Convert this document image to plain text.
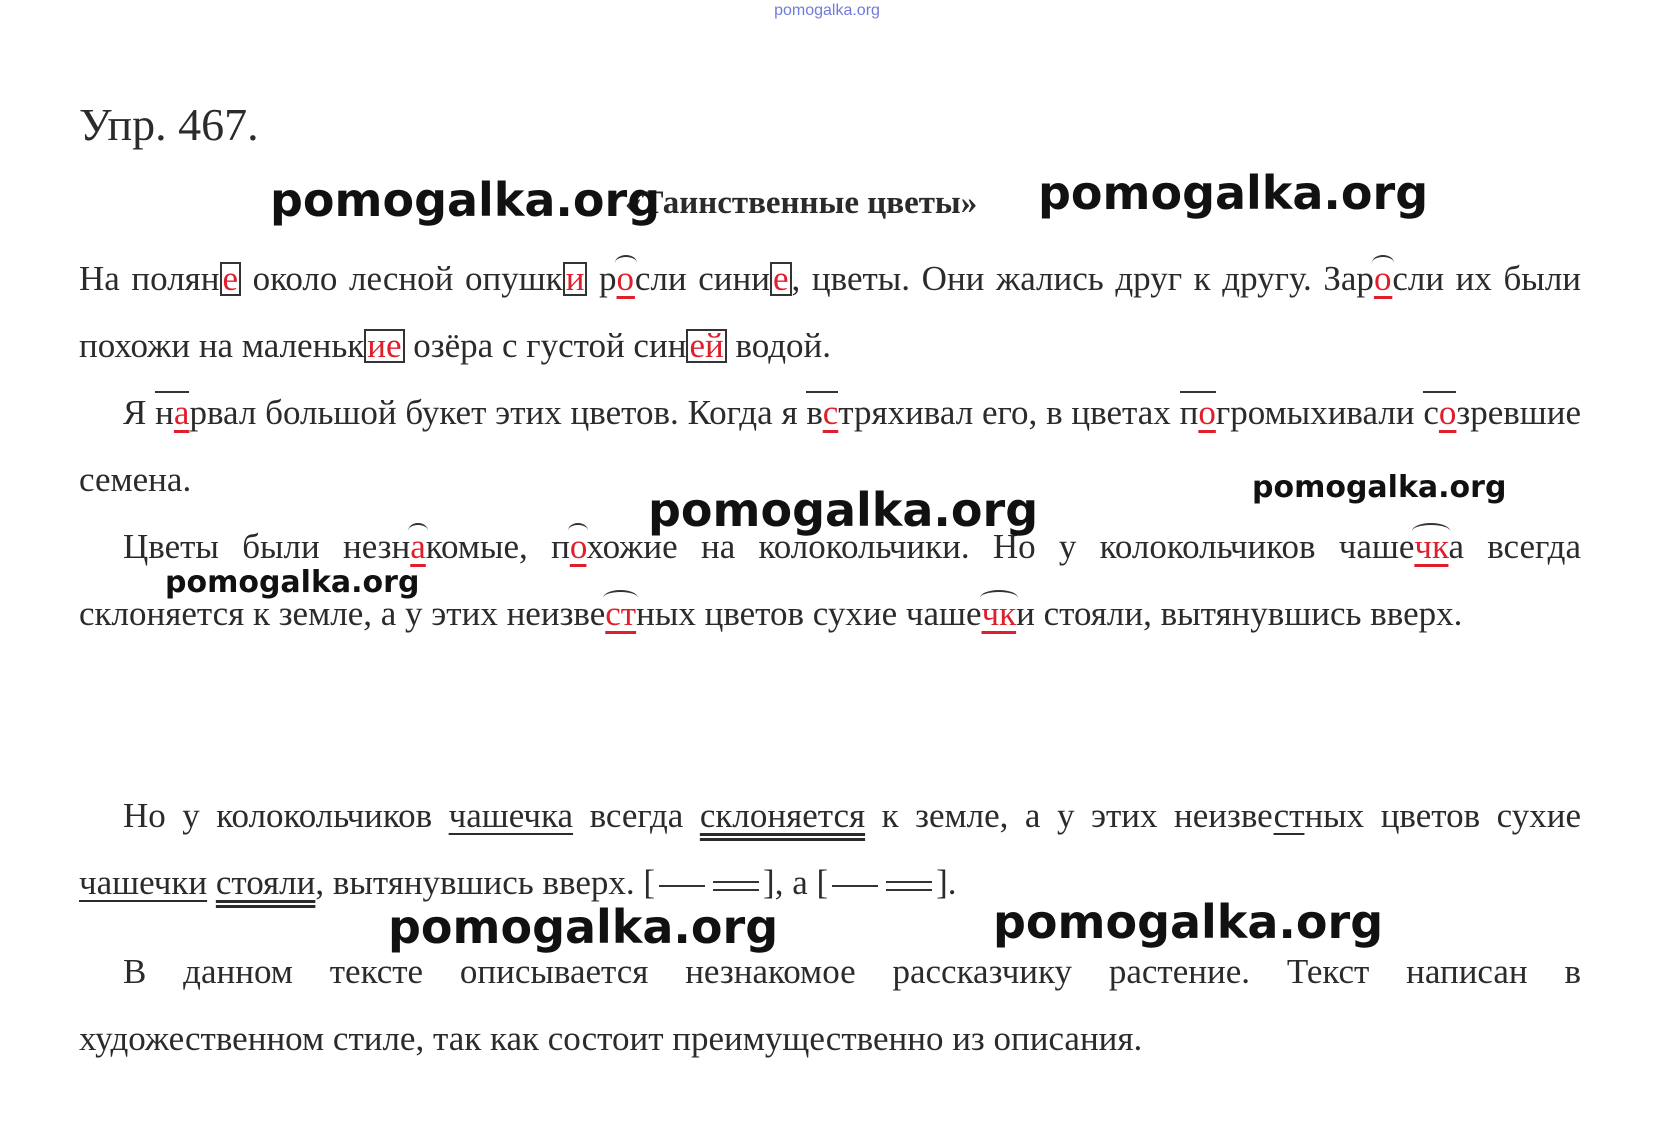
pomogalka.org
Упр. 467.
«Таинственные цветы»

На поляне около лесной опушки росли синие, цветы. Они жались друг к другу. Заросли их были похожи на маленькие озёра с густой синей водой.

Я нарвал большой букет этих цветов. Когда я встряхивал его, в цветах погромыхивали созревшие семена.

Цветы были незнакомые, похожие на колокольчики. Но у колокольчиков чашечка всегда склоняется к земле, а у этих неизвестных цветов сухие чашечки стояли, вытянувшись вверх.

Но у колокольчиков чашечка всегда склоняется к земле, а у этих неизвестных цветов сухие чашечки стояли, вытянувшись вверх. [	], а [	].

В данном тексте описывается незнакомое рассказчику растение. Текст написан в художественном стиле, так как состоит преимущественно из описания.

pomogalka.org	pomogalka.org
pomogalka.org	pomogalka.org
pomogalka.org
pomogalka.org	pomogalka.org
